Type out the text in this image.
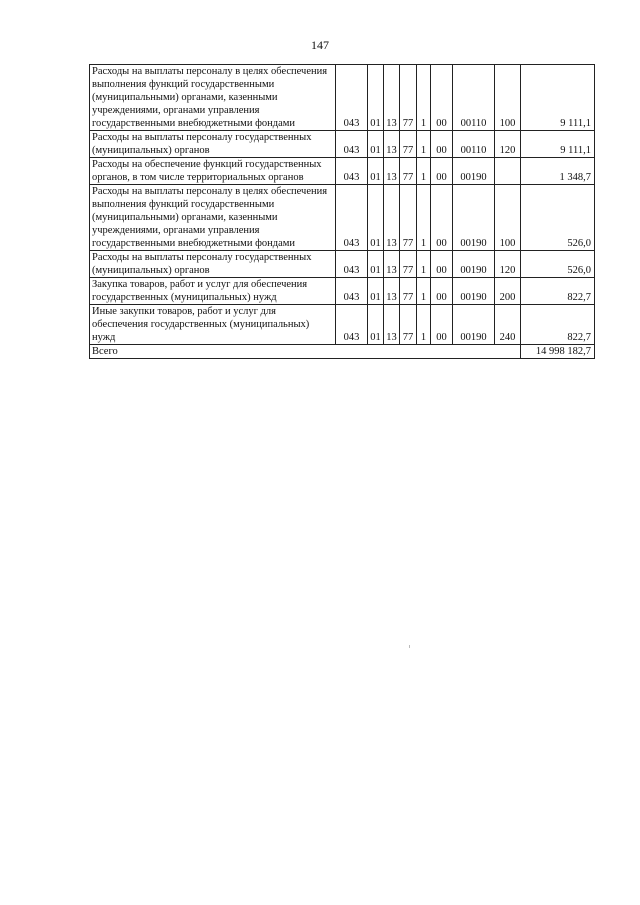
147
Расходы на выплаты персоналу в целях обеспечения выполнения функций государственными (муниципальными) органами, казенными учреждениями, органами управления государственными внебюджетными фондами	043	01	13	77	1	00	00110	100	9 111,1
Расходы на выплаты персоналу государственных (муниципальных) органов	043	01	13	77	1	00	00110	120	9 111,1
Расходы на обеспечение функций государственных органов, в том числе территориальных органов	043	01	13	77	1	00	00190		1 348,7
Расходы на выплаты персоналу в целях обеспечения выполнения функций государственными (муниципальными) органами, казенными учреждениями, органами управления государственными внебюджетными фондами	043	01	13	77	1	00	00190	100	526,0
Расходы на выплаты персоналу государственных (муниципальных) органов	043	01	13	77	1	00	00190	120	526,0
Закупка товаров, работ и услуг для обеспечения государственных (муниципальных) нужд	043	01	13	77	1	00	00190	200	822,7
Иные закупки товаров, работ и услуг для обеспечения государственных (муниципальных) нужд	043	01	13	77	1	00	00190	240	822,7
Всего									14 998 182,7
